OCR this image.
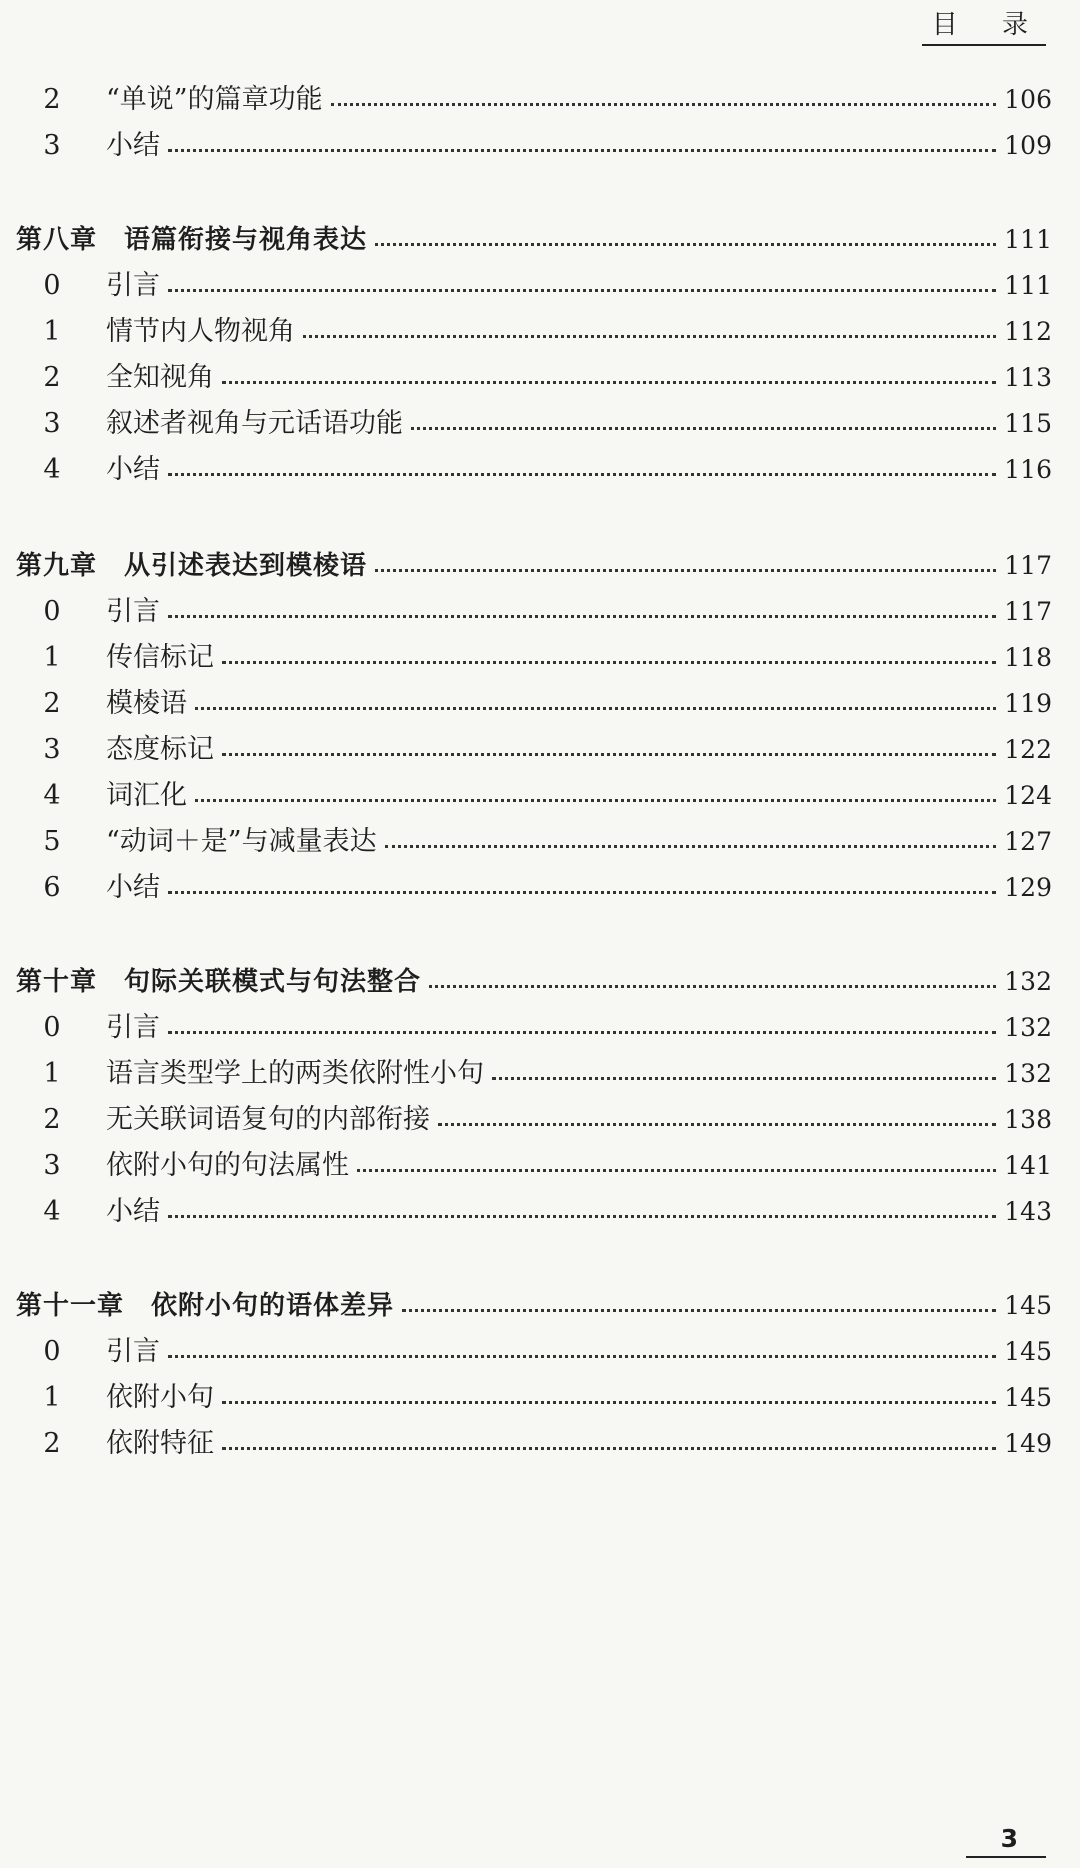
目 录
2	“单说”的篇章功能	106
3	小结	109
第八章　语篇衔接与视角表达	111
0	引言	111
1	情节内人物视角	112
2	全知视角	113
3	叙述者视角与元话语功能	115
4	小结	116
第九章　从引述表达到模棱语	117
0	引言	117
1	传信标记	118
2	模棱语	119
3	态度标记	122
4	词汇化	124
5	“动词＋是”与减量表达	127
6	小结	129
第十章　句际关联模式与句法整合	132
0	引言	132
1	语言类型学上的两类依附性小句	132
2	无关联词语复句的内部衔接	138
3	依附小句的句法属性	141
4	小结	143
第十一章　依附小句的语体差异	145
0	引言	145
1	依附小句	145
2	依附特征	149
3
